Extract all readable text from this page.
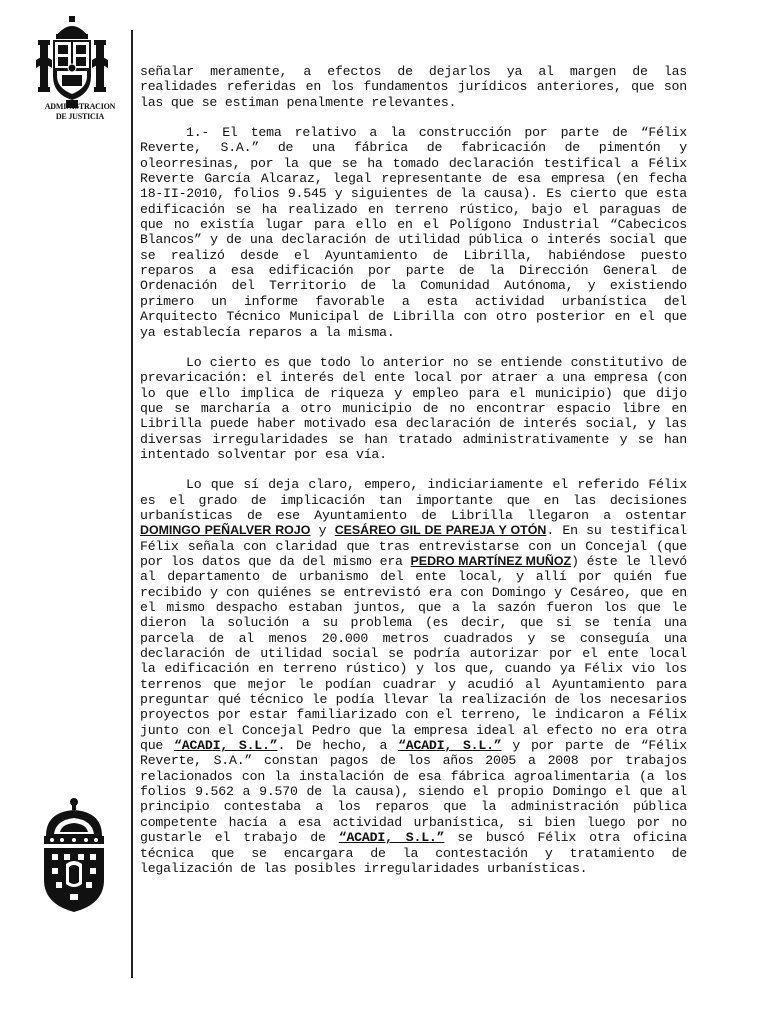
ADMINISTRACION
DE JUSTICIA

señalar meramente, a efectos de dejarlos ya al margen de las realidades referidas en los fundamentos jurídicos anteriores, que son las que se estiman penalmente relevantes.

1.- El tema relativo a la construcción por parte de “Félix Reverte, S.A.” de una fábrica de fabricación de pimentón y oleorresinas, por la que se ha tomado declaración testifical a Félix Reverte García Alcaraz, legal representante de esa empresa (en fecha 18-II-2010, folios 9.545 y siguientes de la causa). Es cierto que esta edificación se ha realizado en terreno rústico, bajo el paraguas de que no existía lugar para ello en el Polígono Industrial “Cabecicos Blancos” y de una declaración de utilidad pública o interés social que se realizó desde el Ayuntamiento de Librilla, habiéndose puesto reparos a esa edificación por parte de la Dirección General de Ordenación del Territorio de la Comunidad Autónoma, y existiendo primero un informe favorable a esta actividad urbanística del Arquitecto Técnico Municipal de Librilla con otro posterior en el que ya establecía reparos a la misma.

Lo cierto es que todo lo anterior no se entiende constitutivo de prevaricación: el interés del ente local por atraer a una empresa (con lo que ello implica de riqueza y empleo para el municipio) que dijo que se marcharía a otro municipio de no encontrar espacio libre en Librilla puede haber motivado esa declaración de interés social, y las diversas irregularidades se han tratado administrativamente y se han intentado solventar por esa vía.

Lo que sí deja claro, empero, indiciariamente el referido Félix es el grado de implicación tan importante que en las decisiones urbanísticas de ese Ayuntamiento de Librilla llegaron a ostentar DOMINGO PEÑALVER ROJO y CESÁREO GIL DE PAREJA Y OTÓN. En su testifical Félix señala con claridad que tras entrevistarse con un Concejal (que por los datos que da del mismo era PEDRO MARTÍNEZ MUÑOZ) éste le llevó al departamento de urbanismo del ente local, y allí por quién fue recibido y con quiénes se entrevistó era con Domingo y Cesáreo, que en el mismo despacho estaban juntos, que a la sazón fueron los que le dieron la solución a su problema (es decir, que si se tenía una parcela de al menos 20.000 metros cuadrados y se conseguía una declaración de utilidad social se podría autorizar por el ente local la edificación en terreno rústico) y los que, cuando ya Félix vio los terrenos que mejor le podían cuadrar y acudió al Ayuntamiento para preguntar qué técnico le podía llevar la realización de los necesarios proyectos por estar familiarizado con el terreno, le indicaron a Félix junto con el Concejal Pedro que la empresa ideal al efecto no era otra que “ACADI, S.L.”. De hecho, a “ACADI, S.L.” y por parte de “Félix Reverte, S.A.” constan pagos de los años 2005 a 2008 por trabajos relacionados con la instalación de esa fábrica agroalimentaria (a los folios 9.562 a 9.570 de la causa), siendo el propio Domingo el que al principio contestaba a los reparos que la administración pública competente hacía a esa actividad urbanística, si bien luego por no gustarle el trabajo de “ACADI, S.L.” se buscó Félix otra oficina técnica que se encargara de la contestación y tratamiento de legalización de las posibles irregularidades urbanísticas.
